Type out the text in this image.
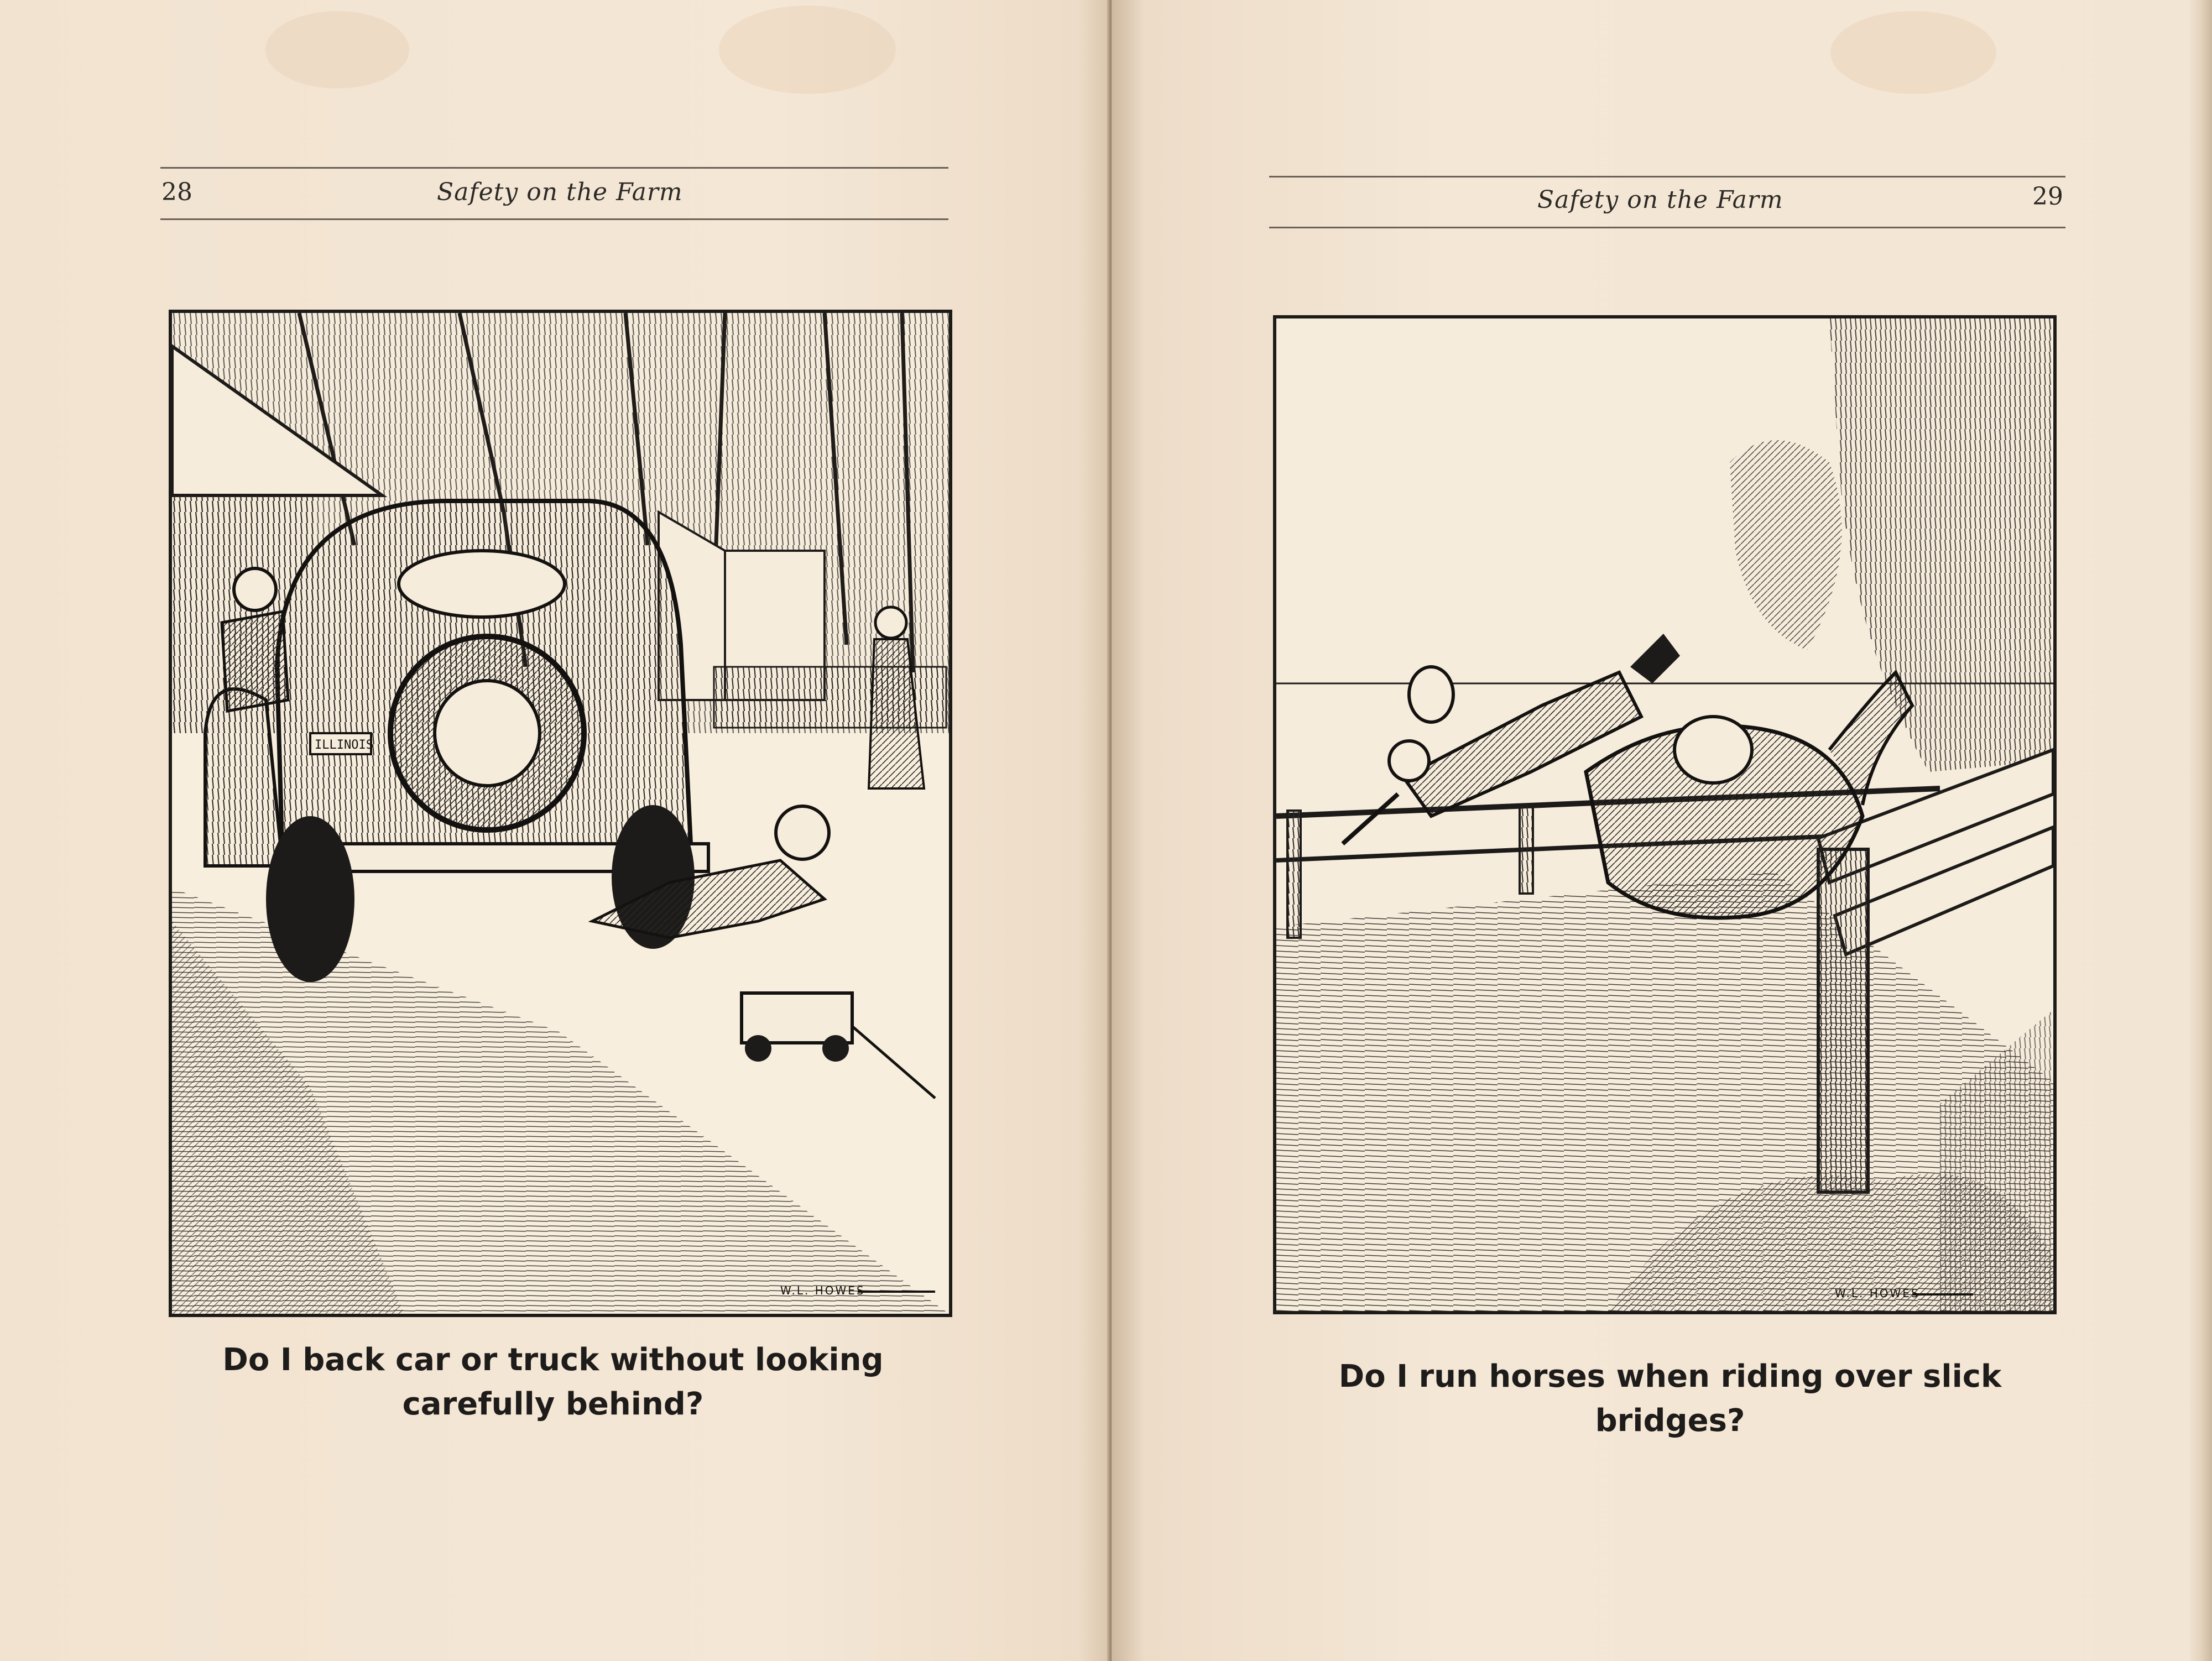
28	Safety on the Farm
ILLINOIS
W.L. HOWES
Do I back car or truck without looking
carefully behind?
Safety on the Farm	29
W.L. HOWES
Do I run horses when riding over slick bridges?
